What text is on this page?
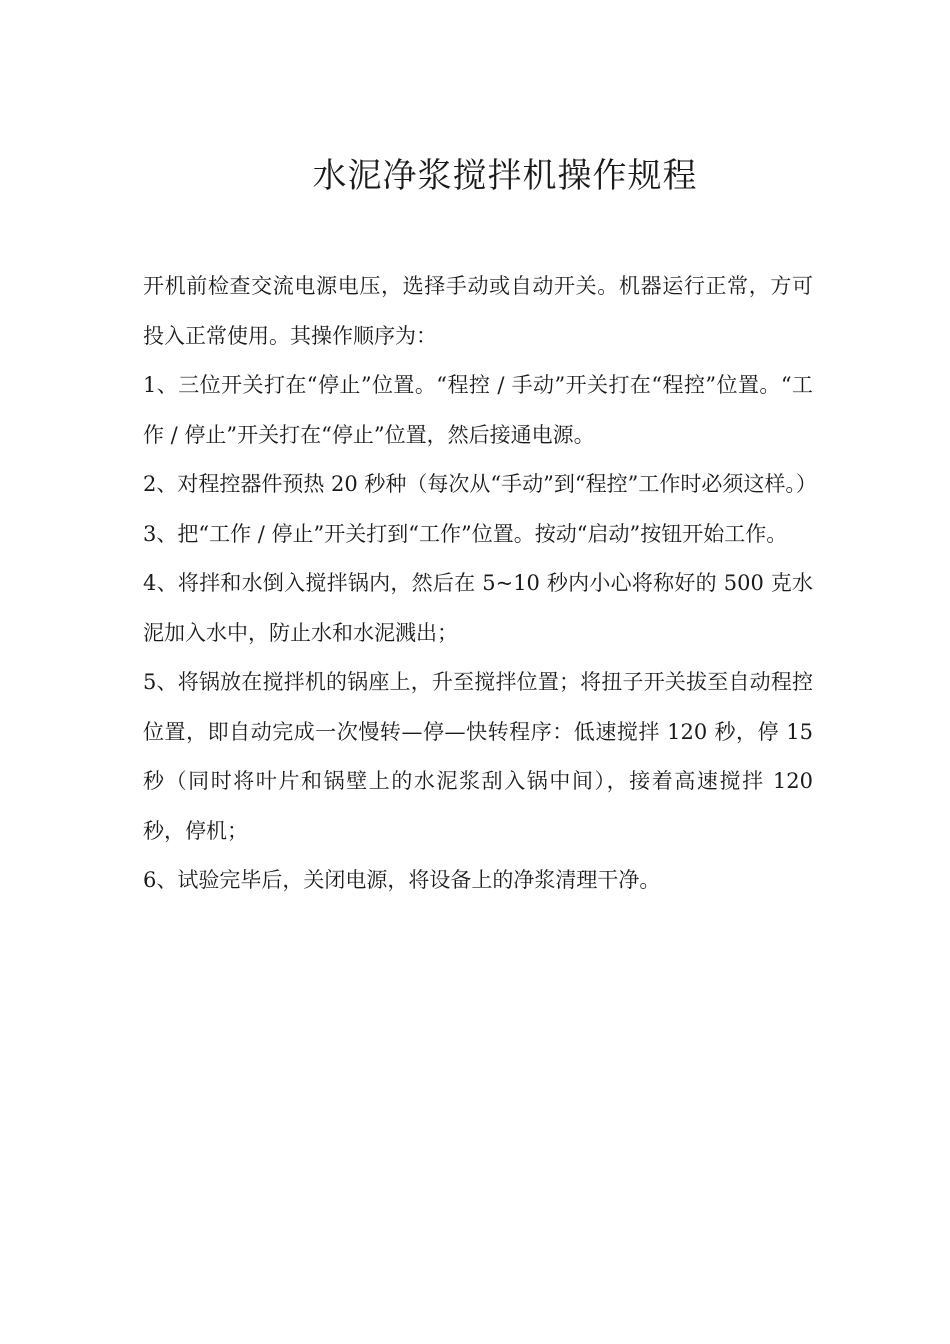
水泥净浆搅拌机操作规程

开机前检查交流电源电压，选择手动或自动开关。机器运行正常，方可投入正常使用。其操作顺序为：

1、三位开关打在“停止”位置。“程控 / 手动”开关打在“程控”位置。“工作 / 停止”开关打在“停止”位置，然后接通电源。

2、对程控器件预热 20 秒种（每次从“手动”到“程控”工作时必须这样。）

3、把“工作 / 停止”开关打到“工作”位置。按动“启动”按钮开始工作。

4、将拌和水倒入搅拌锅内，然后在 5~10 秒内小心将称好的 500 克水泥加入水中，防止水和水泥溅出；

5、将锅放在搅拌机的锅座上，升至搅拌位置；将扭子开关拔至自动程控位置，即自动完成一次慢转—停—快转程序：低速搅拌 120 秒，停 15 秒（同时将叶片和锅壁上的水泥浆刮入锅中间），接着高速搅拌 120 秒，停机；

6、试验完毕后，关闭电源，将设备上的净浆清理干净。
